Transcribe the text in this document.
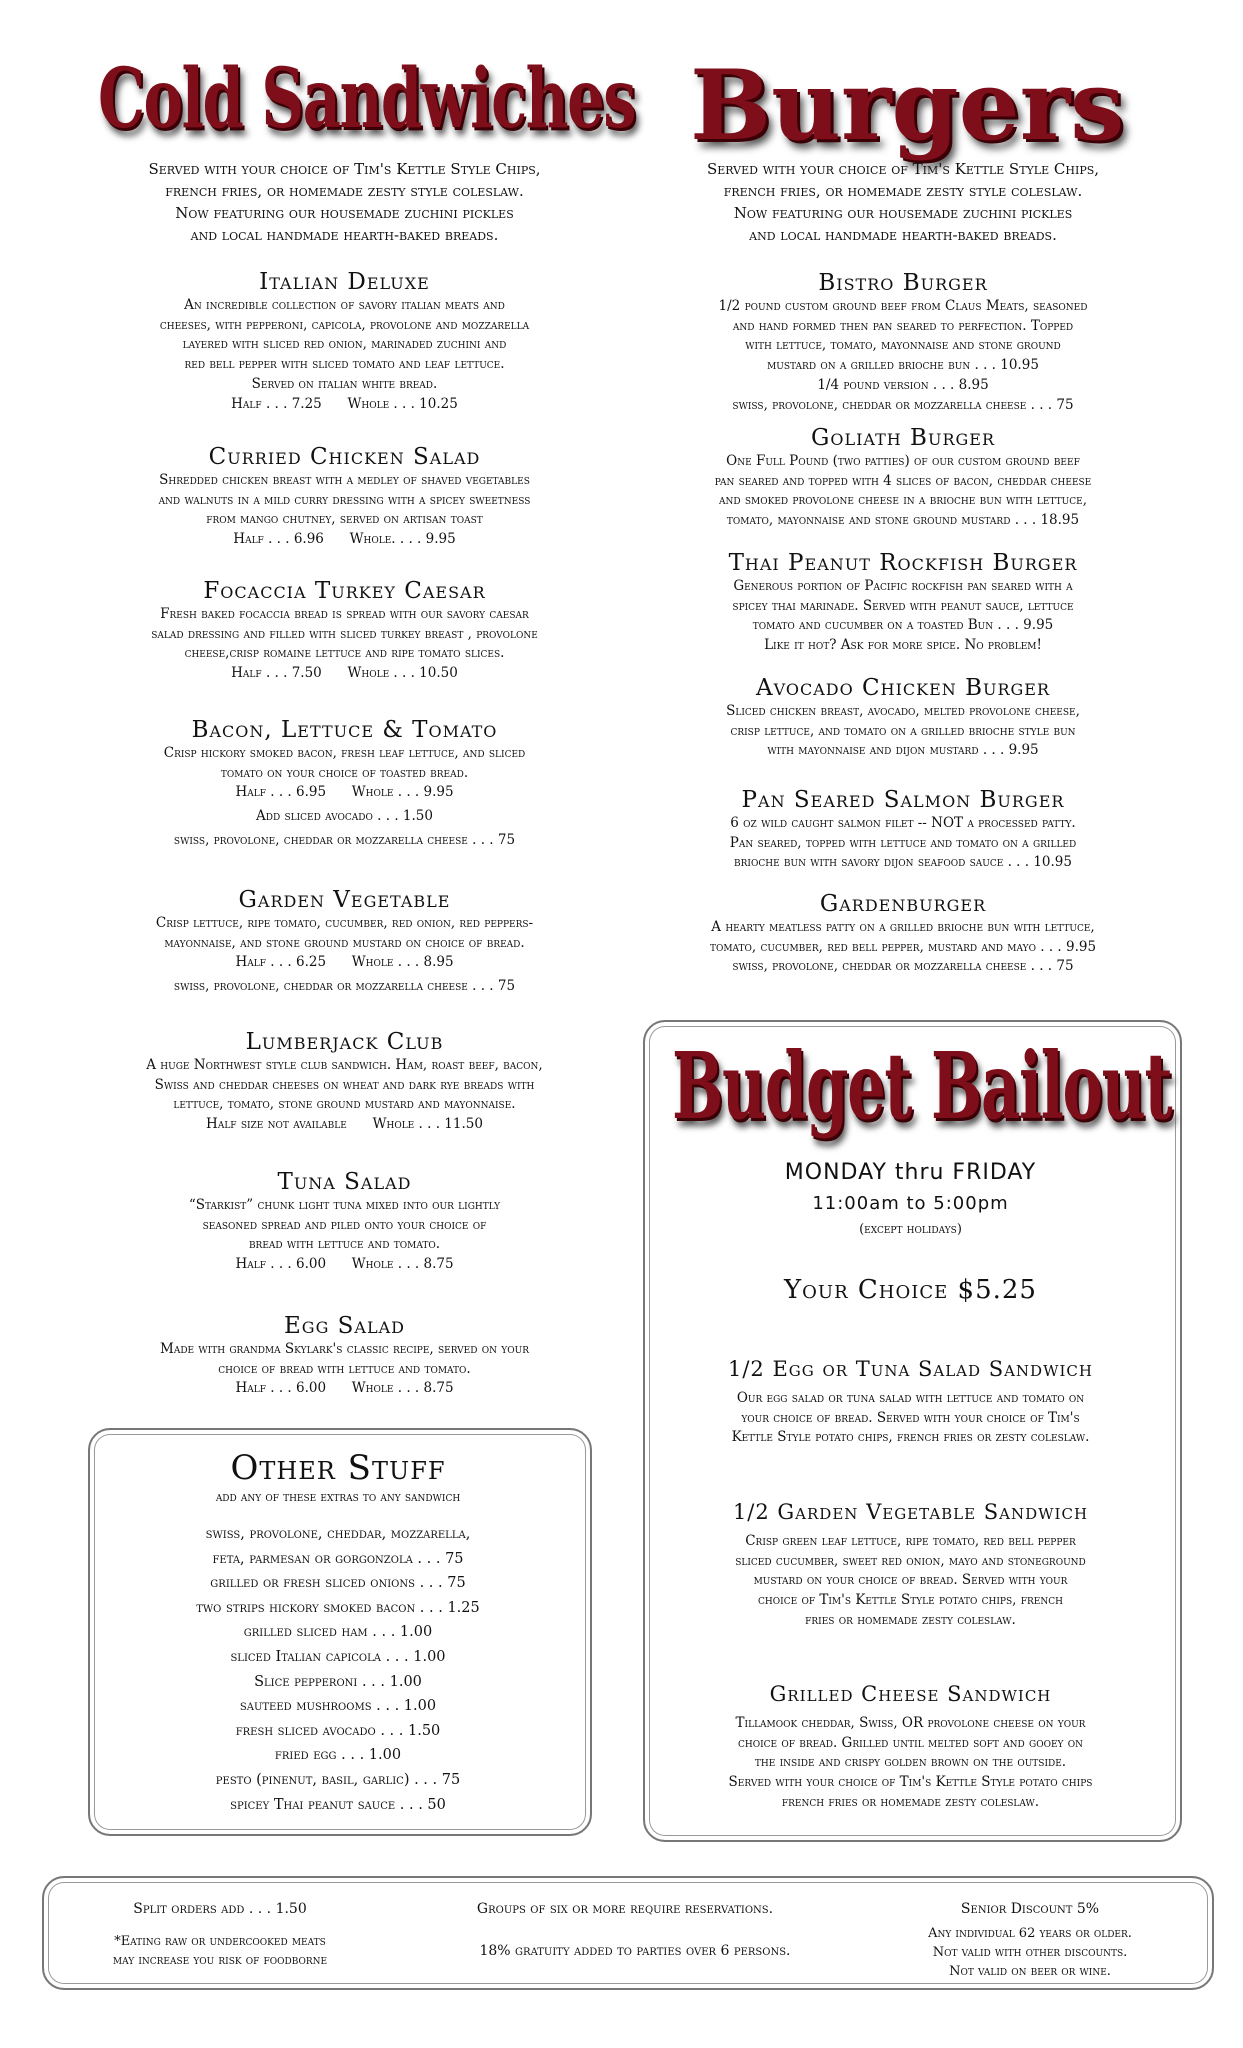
Cold Sandwiches Burgers
Served with your choice of Tim's Kettle Style Chips,
french fries, or homemade zesty style coleslaw.
Now featuring our housemade zuchini pickles
and local handmade hearth-baked breads.
Served with your choice of Tim's Kettle Style Chips,
french fries, or homemade zesty style coleslaw.
Now featuring our housemade zuchini pickles
and local handmade hearth-baked breads.
Italian Deluxe

An incredible collection of savory italian meats and

cheeses, with pepperoni, capicola, provolone and mozzarella

layered with sliced red onion, marinaded zuchini and

red bell pepper with sliced tomato and leaf lettuce.

Served on italian white bread.

Half . . . 7.25      Whole . . . 10.25

Curried Chicken Salad

Shredded chicken breast with a medley of shaved vegetables

and walnuts in a mild curry dressing with a spicey sweetness

from mango chutney, served on artisan toast

Half . . . 6.96      Whole. . . . 9.95

Focaccia Turkey Caesar

Fresh baked focaccia bread is spread with our savory caesar

salad dressing and filled with sliced turkey breast , provolone

cheese,crisp romaine lettuce and ripe tomato slices.

Half . . . 7.50      Whole . . . 10.50

Bacon, Lettuce & Tomato

Crisp hickory smoked bacon, fresh leaf lettuce, and sliced

tomato on your choice of toasted bread.

Half . . . 6.95      Whole . . . 9.95

Add sliced avocado . . . 1.50

swiss, provolone, cheddar or mozzarella cheese . . . 75

Garden Vegetable

Crisp lettuce, ripe tomato, cucumber, red onion, red peppers-

mayonnaise, and stone ground mustard on choice of bread.

Half . . . 6.25      Whole . . . 8.95

swiss, provolone, cheddar or mozzarella cheese . . . 75

Lumberjack Club

A huge Northwest style club sandwich. Ham, roast beef, bacon,

Swiss and cheddar cheeses on wheat and dark rye breads with

lettuce, tomato, stone ground mustard and mayonnaise.

Half size not available      Whole . . . 11.50

Tuna Salad

“Starkist” chunk light tuna mixed into our lightly

seasoned spread and piled onto your choice of

bread with lettuce and tomato.

Half . . . 6.00      Whole . . . 8.75

Egg Salad

Made with grandma Skylark's classic recipe, served on your

choice of bread with lettuce and tomato.

Half . . . 6.00      Whole . . . 8.75

Bistro Burger

1/2 pound custom ground beef from Claus Meats, seasoned

and hand formed then pan seared to perfection. Topped

with lettuce, tomato, mayonnaise and stone ground

mustard on a grilled brioche bun . . . 10.95

1/4 pound version . . . 8.95

swiss, provolone, cheddar or mozzarella cheese . . . 75

Goliath Burger

One Full Pound (two patties) of our custom ground beef

pan seared and topped with 4 slices of bacon, cheddar cheese

and smoked provolone cheese in a brioche bun with lettuce,

tomato, mayonnaise and stone ground mustard . . . 18.95

Thai Peanut Rockfish Burger

Generous portion of Pacific rockfish pan seared with a

spicey thai marinade. Served with peanut sauce, lettuce

tomato and cucumber on a toasted Bun . . . 9.95

Like it hot? Ask for more spice. No problem!

Avocado Chicken Burger

Sliced chicken breast, avocado, melted provolone cheese,

crisp lettuce, and tomato on a grilled brioche style bun

with mayonnaise and dijon mustard . . . 9.95

Pan Seared Salmon Burger

6 oz wild caught salmon filet -- NOT a processed patty.

Pan seared, topped with lettuce and tomato on a grilled

brioche bun with savory dijon seafood sauce . . . 10.95

Gardenburger

A hearty meatless patty on a grilled brioche bun with lettuce,

tomato, cucumber, red bell pepper, mustard and mayo . . . 9.95

swiss, provolone, cheddar or mozzarella cheese . . . 75

Other Stuff
add any of these extras to any sandwich
swiss, provolone, cheddar, mozzarella,
feta, parmesan or gorgonzola . . . 75
grilled or fresh sliced onions . . . 75
two strips hickory smoked bacon . . . 1.25
grilled sliced ham . . . 1.00
sliced Italian capicola . . . 1.00
Slice pepperoni . . . 1.00
sauteed mushrooms . . . 1.00
fresh sliced avocado . . . 1.50
fried egg . . . 1.00
pesto (pinenut, basil, garlic) . . . 75
spicey Thai peanut sauce . . . 50
Budget Bailout
MONDAY thru FRIDAY
11:00am to 5:00pm
(except holidays)
Your Choice $5.25
1/2 Egg or Tuna Salad Sandwich

Our egg salad or tuna salad with lettuce and tomato on

your choice of bread. Served with your choice of Tim's

Kettle Style potato chips, french fries or zesty coleslaw.

1/2 Garden Vegetable Sandwich

Crisp green leaf lettuce, ripe tomato, red bell pepper

sliced cucumber, sweet red onion, mayo and stoneground

mustard on your choice of bread. Served with your

choice of Tim's Kettle Style potato chips, french

fries or homemade zesty coleslaw.

Grilled Cheese Sandwich

Tillamook cheddar, Swiss, OR provolone cheese on your

choice of bread. Grilled until melted soft and gooey on

the inside and crispy golden brown on the outside.

Served with your choice of Tim's Kettle Style potato chips

french fries or homemade zesty coleslaw.

Split orders add . . . 1.50
*Eating raw or undercooked meats
may increase you risk of foodborne
Groups of six or more require reservations.
18% gratuity added to parties over 6 persons.
Senior Discount 5%
Any individual 62 years or older.
Not valid with other discounts.
Not valid on beer or wine.
